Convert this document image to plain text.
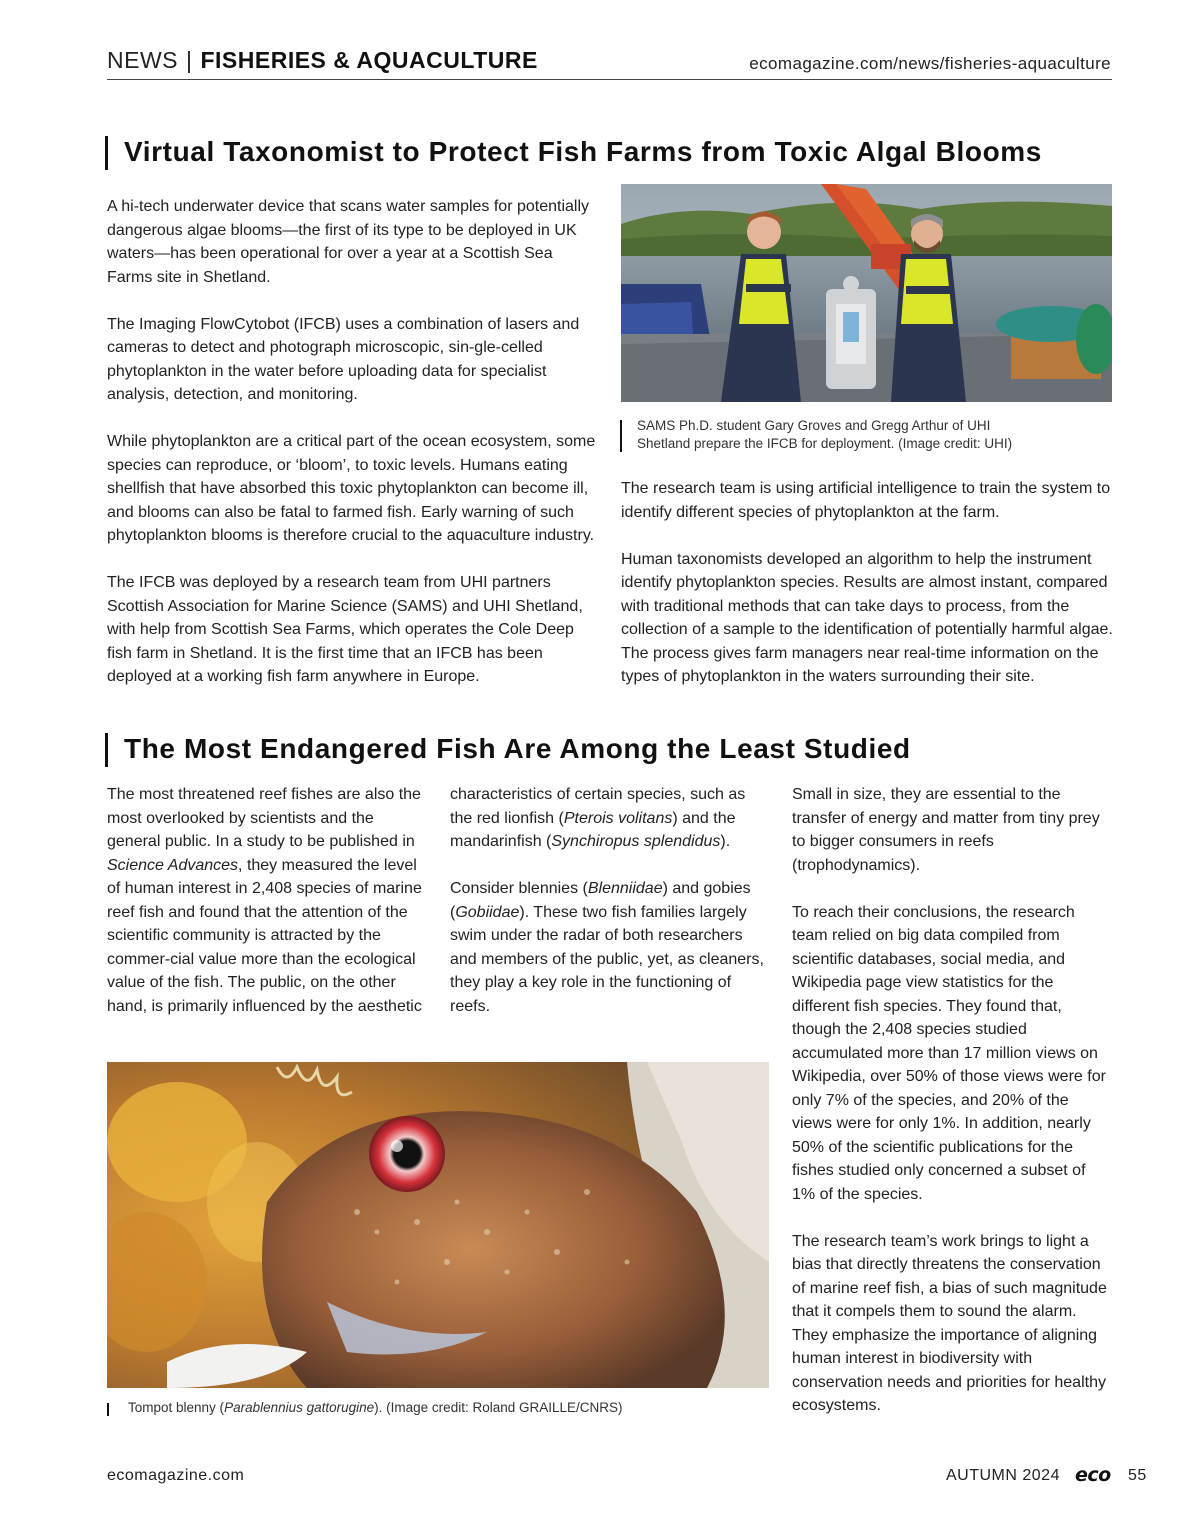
NEWS | FISHERIES & AQUACULTURE	ecomagazine.com/news/fisheries-aquaculture
Virtual Taxonomist to Protect Fish Farms from Toxic Algal Blooms

A hi-tech underwater device that scans water samples for potentially dangerous algae blooms—the first of its type to be deployed in UK waters—has been operational for over a year at a Scottish Sea Farms site in Shetland.

The Imaging FlowCytobot (IFCB) uses a combination of lasers and cameras to detect and photograph microscopic, sin-gle-celled phytoplankton in the water before uploading data for specialist analysis, detection, and monitoring.

While phytoplankton are a critical part of the ocean ecosystem, some species can reproduce, or ‘bloom’, to toxic levels. Humans eating shellfish that have absorbed this toxic phytoplankton can become ill, and blooms can also be fatal to farmed fish. Early warning of such phytoplankton blooms is therefore crucial to the aquaculture industry.

The IFCB was deployed by a research team from UHI partners Scottish Association for Marine Science (SAMS) and UHI Shetland, with help from Scottish Sea Farms, which operates the Cole Deep fish farm in Shetland. It is the first time that an IFCB has been deployed at a working fish farm anywhere in Europe.

SAMS Ph.D. student Gary Groves and Gregg Arthur of UHI Shetland prepare the IFCB for deployment. (Image credit: UHI)

The research team is using artificial intelligence to train the system to identify different species of phytoplankton at the farm.

Human taxonomists developed an algorithm to help the instrument identify phytoplankton species. Results are almost instant, compared with traditional methods that can take days to process, from the collection of a sample to the identification of potentially harmful algae. The process gives farm managers near real-time information on the types of phytoplankton in the waters surrounding their site.

The Most Endangered Fish Are Among the Least Studied

The most threatened reef fishes are also the most overlooked by scientists and the general public. In a study to be published in Science Advances, they measured the level of human interest in 2,408 species of marine reef fish and found that the attention of the scientific community is attracted by the commer-cial value more than the ecological value of the fish. The public, on the other hand, is primarily influenced by the aesthetic

characteristics of certain species, such as the red lionfish (Pterois volitans) and the mandarinfish (Synchiropus splendidus).

Consider blennies (Blenniidae) and gobies (Gobiidae). These two fish families largely swim under the radar of both researchers and members of the public, yet, as cleaners, they play a key role in the functioning of reefs.

Small in size, they are essential to the transfer of energy and matter from tiny prey to bigger consumers in reefs (trophodynamics).

To reach their conclusions, the research team relied on big data compiled from scientific databases, social media, and Wikipedia page view statistics for the different fish species. They found that, though the 2,408 species studied accumulated more than 17 million views on Wikipedia, over 50% of those views were for only 7% of the species, and 20% of the views were for only 1%. In addition, nearly 50% of the scientific publications for the fishes studied only concerned a subset of 1% of the species.

The research team’s work brings to light a bias that directly threatens the conservation of marine reef fish, a bias of such magnitude that it compels them to sound the alarm. They emphasize the importance of aligning human interest in biodiversity with conservation needs and priorities for healthy ecosystems.

Tompot blenny (Parablennius gattorugine). (Image credit: Roland GRAILLE/CNRS)
ecomagazine.com	AUTUMN 2024 eco 55
